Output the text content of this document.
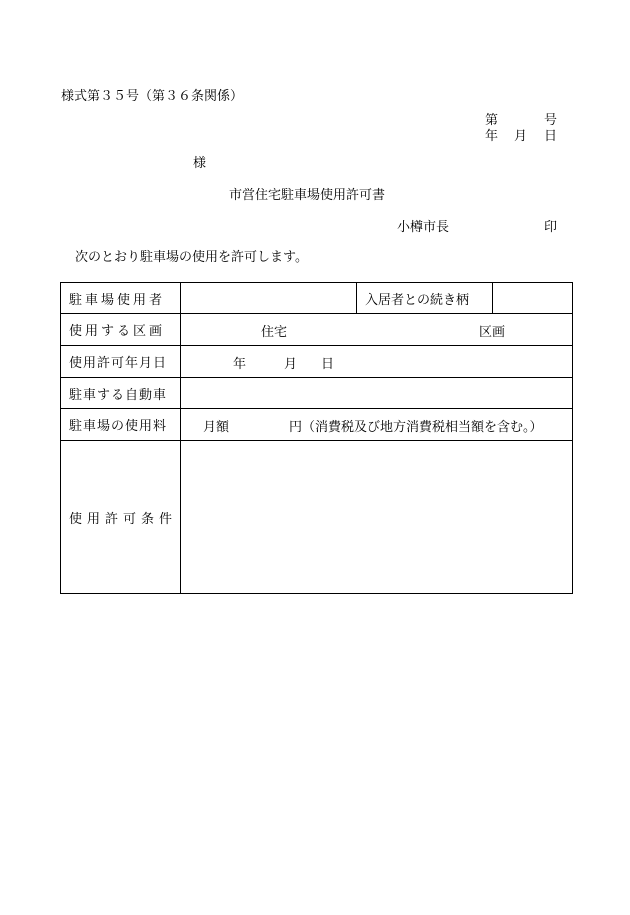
様式第３５号（第３６条関係）
第	号
年 月 日
様
市営住宅駐車場使用許可書
小樽市長	印
次のとおり駐車場の使用を許可します。
駐車場使用者		入居者との続き柄	
使用する区画	住宅 区画		

使用許可年月日	年 月 日		

駐車する自動車			
駐車場の使用料	月額 円（消費税及び地方消費税相当額を含む。）		

使用許可条件			
